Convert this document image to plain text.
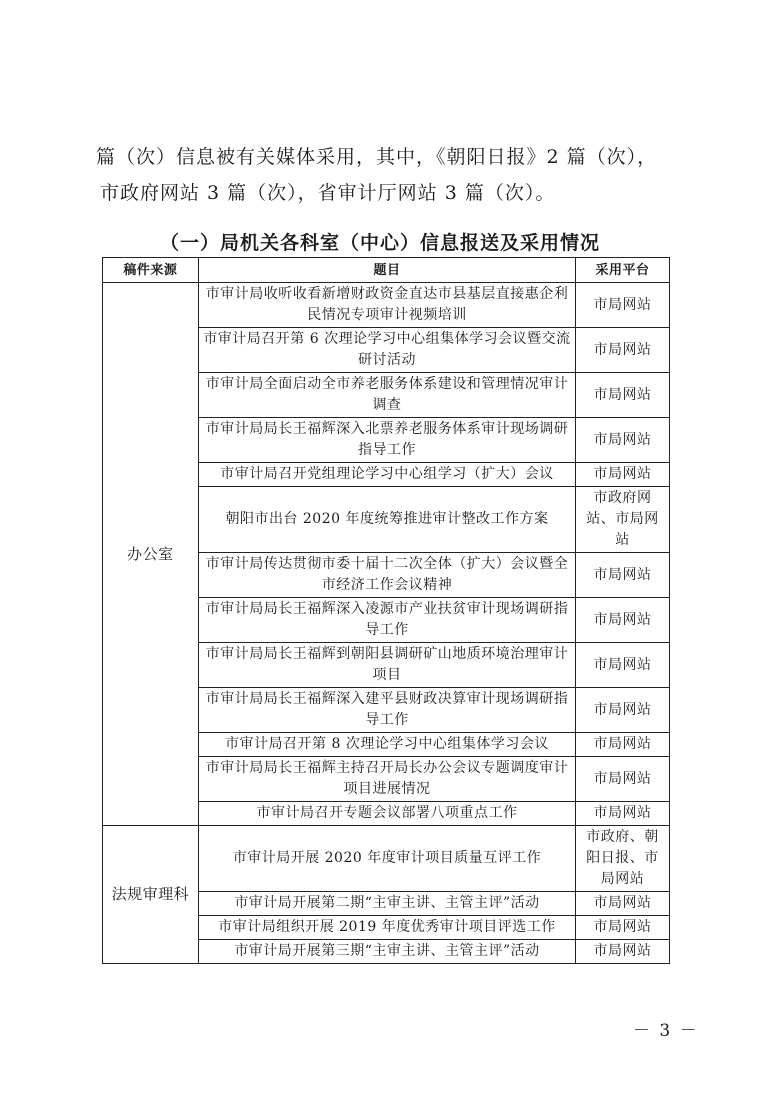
篇（次）信息被有关媒体采用，其中，《朝阳日报》2 篇（次），
市政府网站 3 篇（次），省审计厅网站 3 篇（次）。
（一）局机关各科室（中心）信息报送及采用情况
稿件来源	题目	采用平台
办公室	市审计局收听收看新增财政资金直达市县基层直接惠企利民情况专项审计视频培训	市局网站
	市审计局召开第 6 次理论学习中心组集体学习会议暨交流研讨活动	市局网站
	市审计局全面启动全市养老服务体系建设和管理情况审计调查	市局网站
	市审计局局长王福辉深入北票养老服务体系审计现场调研指导工作	市局网站
	市审计局召开党组理论学习中心组学习（扩大）会议	市局网站
	朝阳市出台 2020 年度统筹推进审计整改工作方案	市政府网站、市局网站
	市审计局传达贯彻市委十届十二次全体（扩大）会议暨全市经济工作会议精神	市局网站
	市审计局局长王福辉深入凌源市产业扶贫审计现场调研指导工作	市局网站
	市审计局局长王福辉到朝阳县调研矿山地质环境治理审计项目	市局网站
	市审计局局长王福辉深入建平县财政决算审计现场调研指导工作	市局网站
	市审计局召开第 8 次理论学习中心组集体学习会议	市局网站
	市审计局局长王福辉主持召开局长办公会议专题调度审计项目进展情况	市局网站
	市审计局召开专题会议部署八项重点工作	市局网站
法规审理科	市审计局开展 2020 年度审计项目质量互评工作	市政府、朝阳日报、市局网站
	市审计局开展第二期“主审主讲、主管主评”活动	市局网站
	市审计局组织开展 2019 年度优秀审计项目评选工作	市局网站
	市审计局开展第三期“主审主讲、主管主评”活动	市局网站
－ 3 －
